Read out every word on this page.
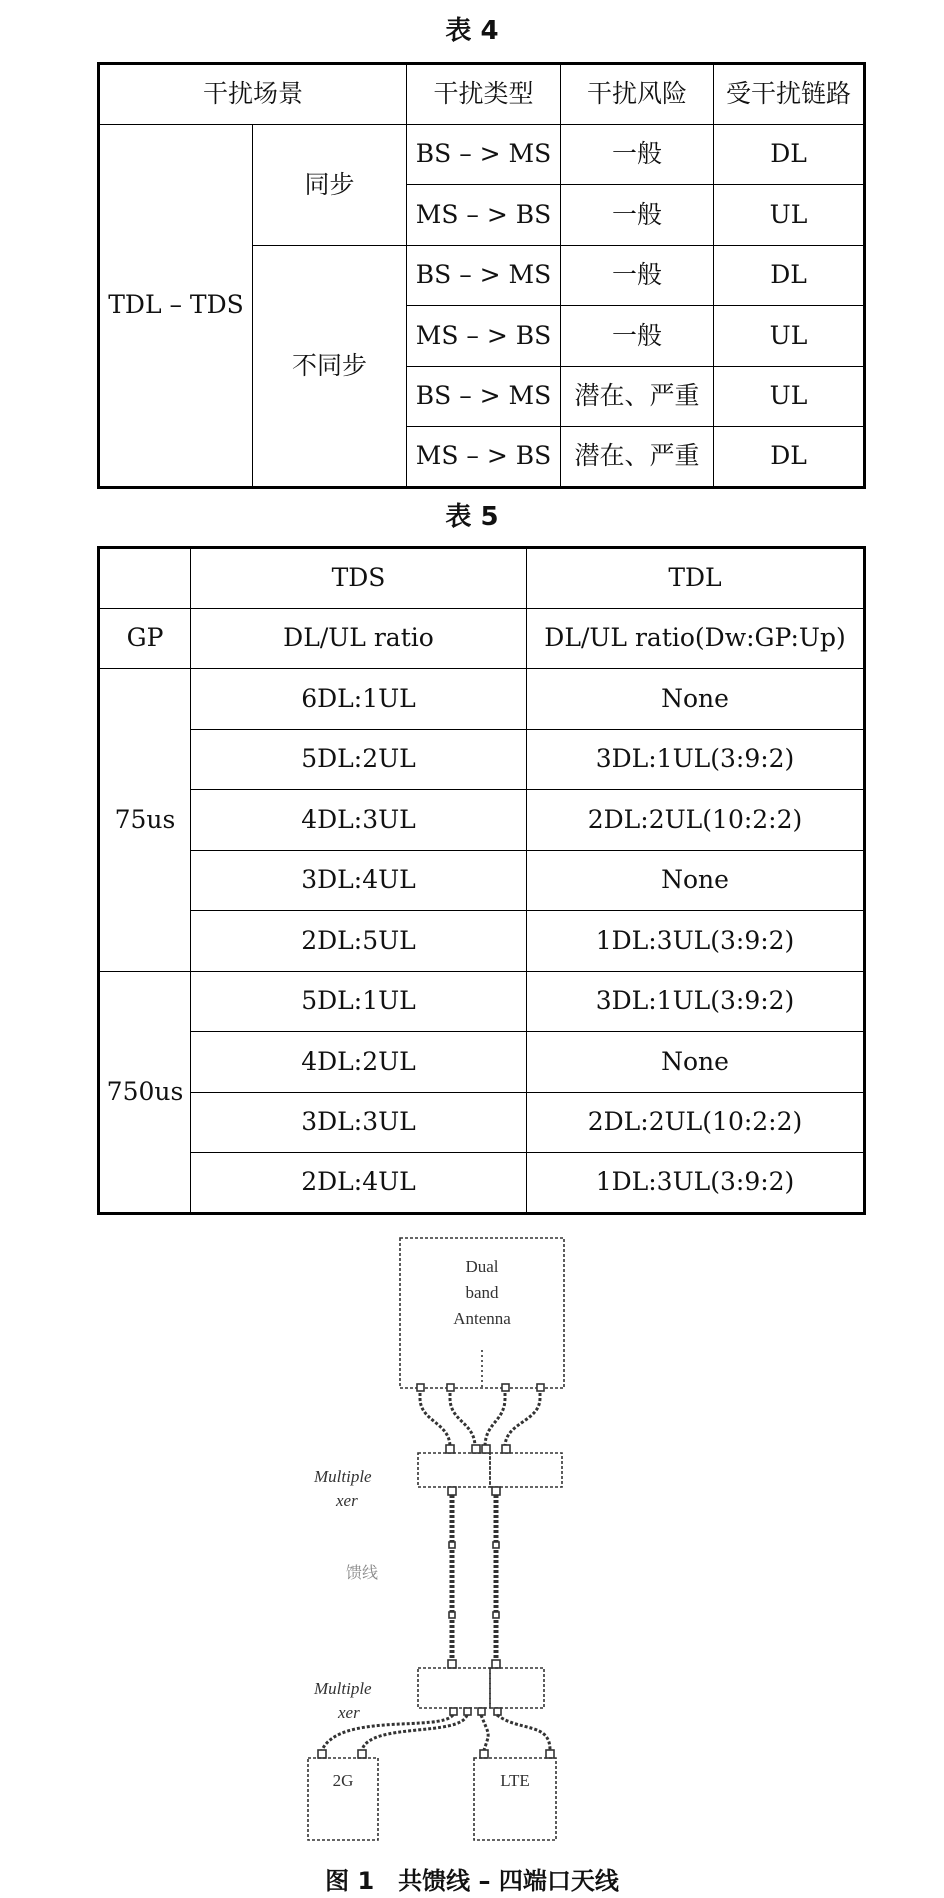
表 4
干扰场景		干扰类型	干扰风险	受干扰链路
TDL – TDS	同步	BS – > MS	一般	DL
		MS – > BS	一般	UL
	不同步	BS – > MS	一般	DL
		MS – > BS	一般	UL
		BS – > MS	潜在、严重	UL
		MS – > BS	潜在、严重	DL
表 5
	TDS	TDL
GP	DL/UL ratio	DL/UL ratio(Dw:GP:Up)
75us	6DL:1UL	None
	5DL:2UL	3DL:1UL(3:9:2)
	4DL:3UL	2DL:2UL(10:2:2)
	3DL:4UL	None
	2DL:5UL	1DL:3UL(3:9:2)
750us	5DL:1UL	3DL:1UL(3:9:2)
	4DL:2UL	None
	3DL:3UL	2DL:2UL(10:2:2)
	2DL:4UL	1DL:3UL(3:9:2)
Dual
band
Antenna
Multiple
xer
馈线
Multiple
xer
2G	LTE
图 1　共馈线 – 四端口天线
